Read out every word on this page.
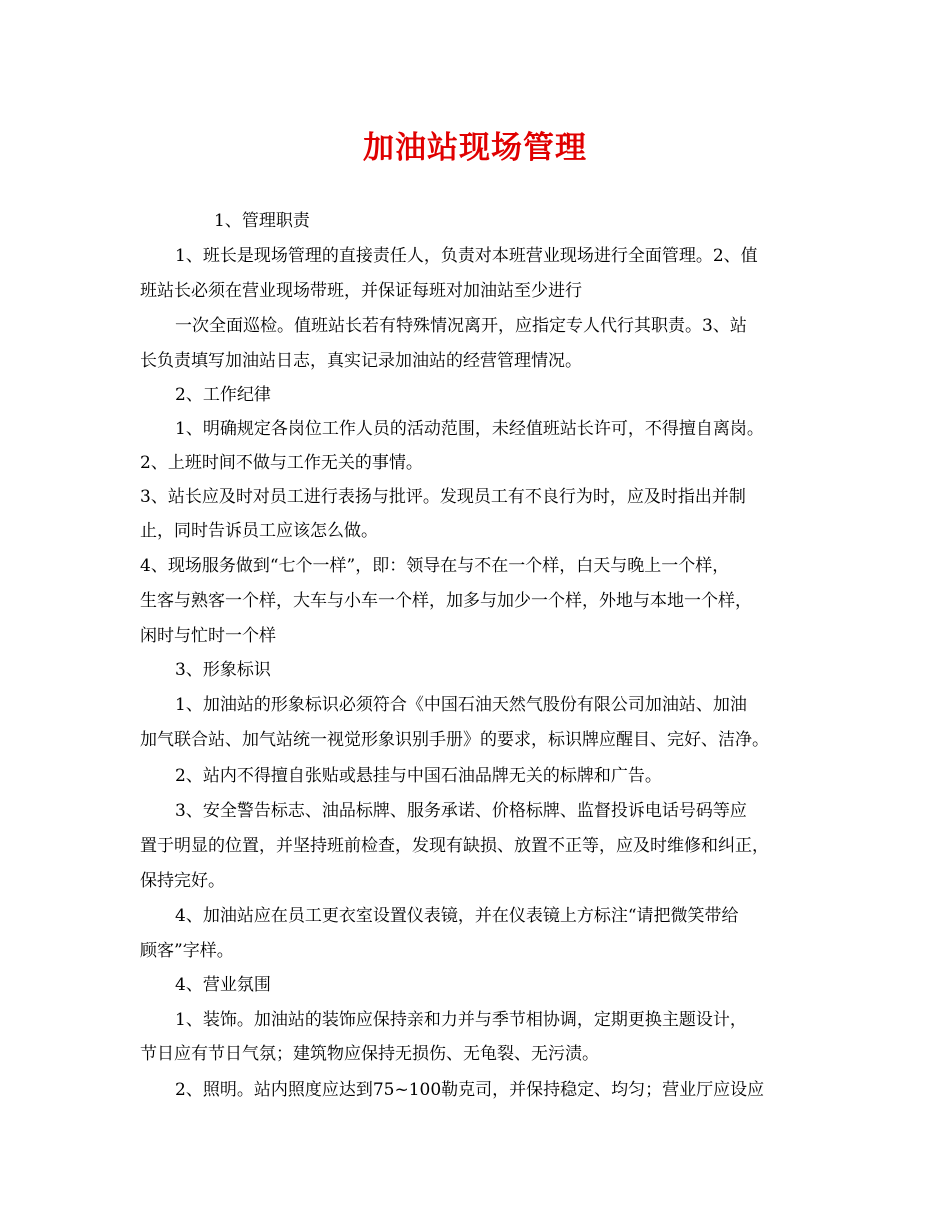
加油站现场管理
1、管理职责
1、班长是现场管理的直接责任人，负责对本班营业现场进行全面管理。2、值
班站长必须在营业现场带班，并保证每班对加油站至少进行
一次全面巡检。值班站长若有特殊情况离开，应指定专人代行其职责。3、站
长负责填写加油站日志，真实记录加油站的经营管理情况。
2、工作纪律
1、明确规定各岗位工作人员的活动范围，未经值班站长许可，不得擅自离岗。
2、上班时间不做与工作无关的事情。
3、站长应及时对员工进行表扬与批评。发现员工有不良行为时，应及时指出并制
止，同时告诉员工应该怎么做。
4、现场服务做到“七个一样”，即：领导在与不在一个样，白天与晚上一个样，
生客与熟客一个样，大车与小车一个样，加多与加少一个样，外地与本地一个样，
闲时与忙时一个样
3、形象标识
1、加油站的形象标识必须符合《中国石油天然气股份有限公司加油站、加油
加气联合站、加气站统一视觉形象识别手册》的要求，标识牌应醒目、完好、洁净。
2、站内不得擅自张贴或悬挂与中国石油品牌无关的标牌和广告。
3、安全警告标志、油品标牌、服务承诺、价格标牌、监督投诉电话号码等应
置于明显的位置，并坚持班前检查，发现有缺损、放置不正等，应及时维修和纠正，
保持完好。
4、加油站应在员工更衣室设置仪表镜，并在仪表镜上方标注“请把微笑带给
顾客”字样。
4、营业氛围
1、装饰。加油站的装饰应保持亲和力并与季节相协调，定期更换主题设计，
节日应有节日气氛；建筑物应保持无损伤、无龟裂、无污渍。
2、照明。站内照度应达到75~100勒克司，并保持稳定、均匀；营业厅应设应
